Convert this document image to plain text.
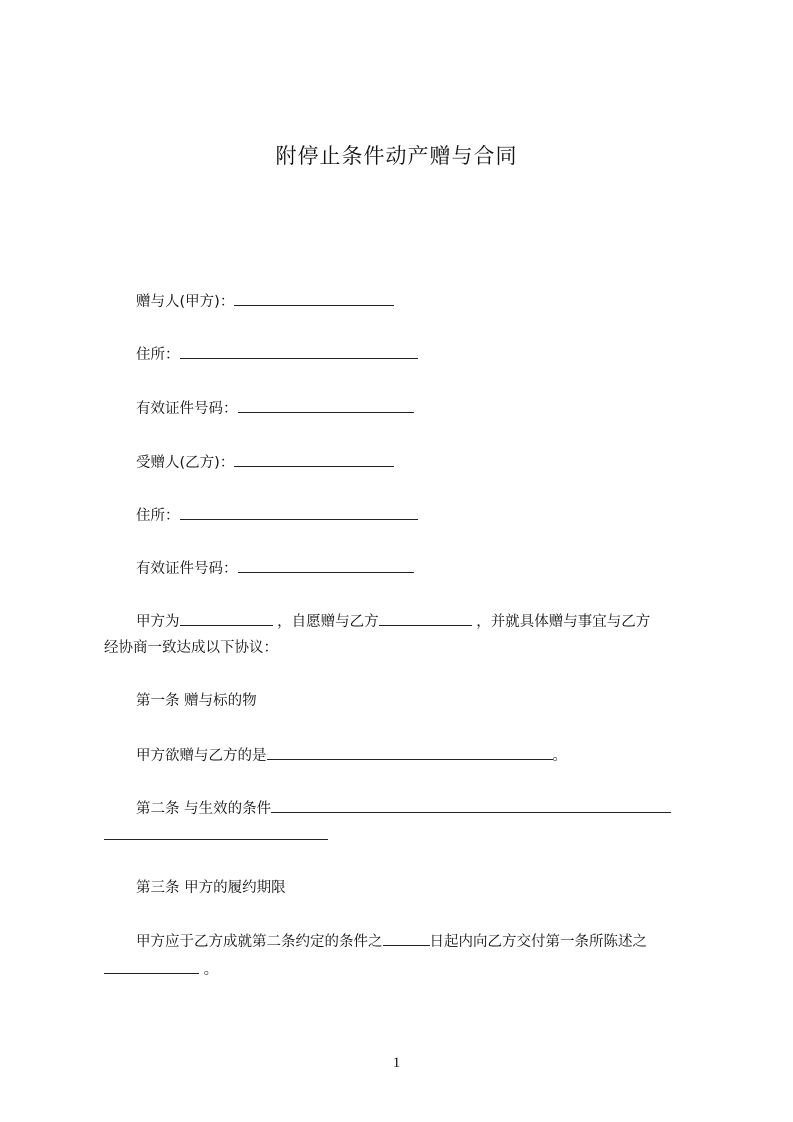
附停止条件动产赠与合同
赠与人(甲方)：
住所：
有效证件号码：
受赠人(乙方)：
住所：
有效证件号码：
甲方为	，自愿赠与乙方	，并就具体赠与事宜与乙方
经协商一致达成以下协议：
第一条 赠与标的物
甲方欲赠与乙方的是	。
第二条 与生效的条件
第三条 甲方的履约期限
甲方应于乙方成就第二条约定的条件之	日起内向乙方交付第一条所陈述之
。
1
